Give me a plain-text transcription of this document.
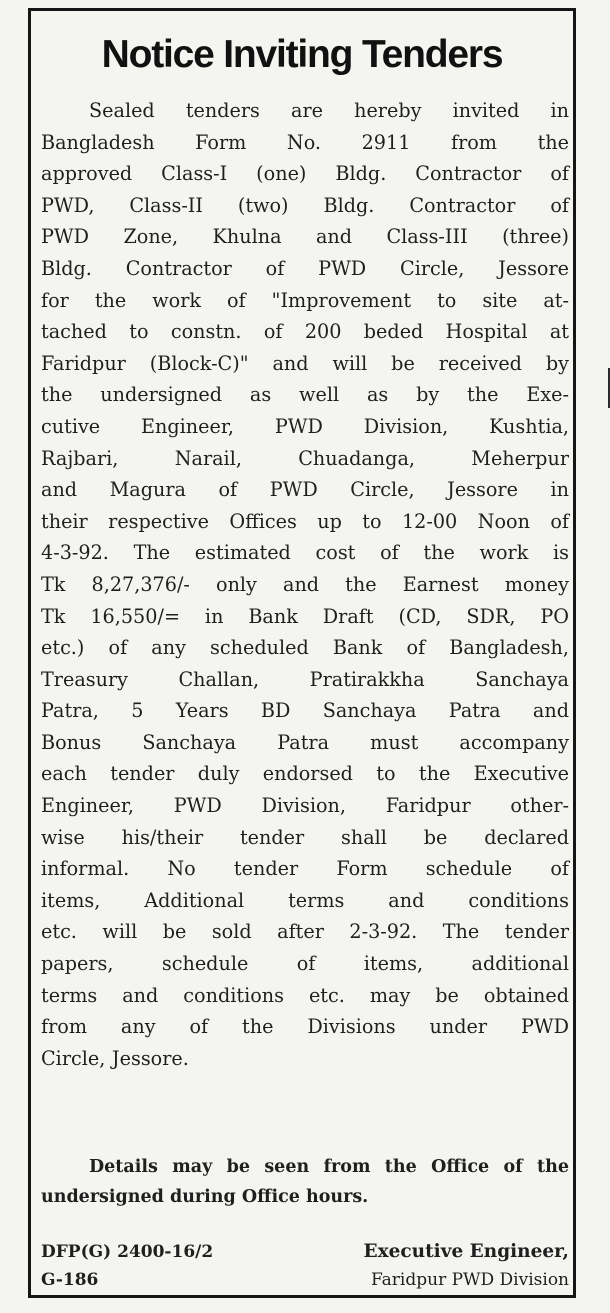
Notice Inviting Tenders
Sealed tenders are hereby invited in
Bangladesh Form No. 2911 from the
approved Class-I (one) Bldg. Contractor of
PWD, Class-II (two) Bldg. Contractor of
PWD Zone, Khulna and Class-III (three)
Bldg. Contractor of PWD Circle, Jessore
for the work of "Improvement to site at-
tached to constn. of 200 beded Hospital at
Faridpur (Block-C)" and will be received by
the undersigned as well as by the Exe-
cutive Engineer, PWD Division, Kushtia,
Rajbari, Narail, Chuadanga, Meherpur
and Magura of PWD Circle, Jessore in
their respective Offices up to 12-00 Noon of
4-3-92. The estimated cost of the work is
Tk 8,27,376/- only and the Earnest money
Tk 16,550/= in Bank Draft (CD, SDR, PO
etc.) of any scheduled Bank of Bangladesh,
Treasury Challan, Pratirakkha Sanchaya
Patra, 5 Years BD Sanchaya Patra and
Bonus Sanchaya Patra must accompany
each tender duly endorsed to the Executive
Engineer, PWD Division, Faridpur other-
wise his/their tender shall be declared
informal. No tender Form schedule of
items, Additional terms and conditions
etc. will be sold after 2-3-92. The tender
papers, schedule of items, additional
terms and conditions etc. may be obtained
from any of the Divisions under PWD
Circle, Jessore.
Details may be seen from the Office of the
undersigned during Office hours.
DFP(G) 2400-16/2
G-186
Executive Engineer,
Faridpur PWD Division
